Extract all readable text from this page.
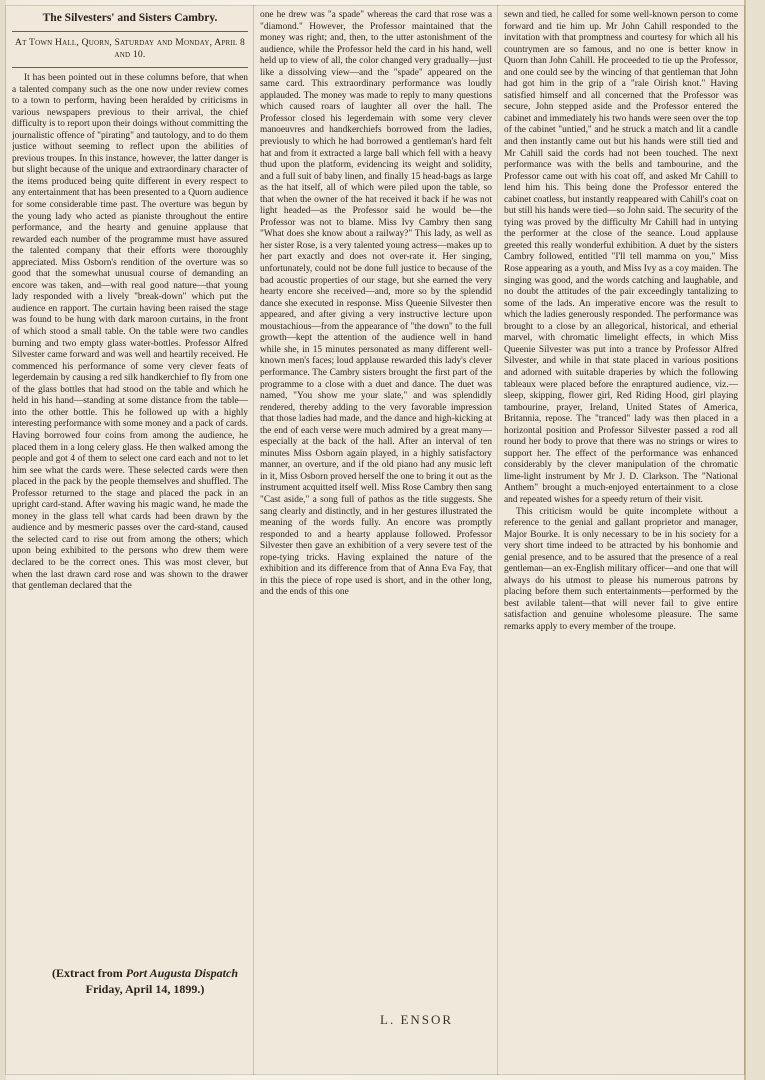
The Silvesters' and Sisters Cambry.
At Town Hall, Quorn, Saturday and Monday, April 8 and 10.

It has been pointed out in these columns before, that when a talented company such as the one now under review comes to a town to perform, having been heralded by criticisms in various newspapers previous to their arrival, the chief difficulty is to report upon their doings without committing the journalistic offence of "pirating" and tautology, and to do them justice without seeming to reflect upon the abilities of previous troupes. In this instance, however, the latter danger is but slight because of the unique and extraordinary character of the items produced being quite different in every respect to any entertainment that has been presented to a Quorn audience for some considerable time past. The overture was begun by the young lady who acted as pianiste throughout the entire performance, and the hearty and genuine applause that rewarded each number of the programme must have assured the talented company that their efforts were thoroughly appreciated. Miss Osborn's rendition of the overture was so good that the somewhat unusual course of demanding an encore was taken, and—with real good nature—that young lady responded with a lively "break-down" which put the audience en rapport. The curtain having been raised the stage was found to be hung with dark maroon curtains, in the front of which stood a small table. On the table were two candles burning and two empty glass water-bottles. Professor Alfred Silvester came forward and was well and heartily received. He commenced his performance of some very clever feats of legerdemain by causing a red silk handkerchief to fly from one of the glass bottles that had stood on the table and which he held in his hand—standing at some distance from the table—into the other bottle. This he followed up with a highly interesting performance with some money and a pack of cards. Having borrowed four coins from among the audience, he placed them in a long celery glass. He then walked among the people and got 4 of them to select one card each and not to let him see what the cards were. These selected cards were then placed in the pack by the people themselves and shuffled. The Professor returned to the stage and placed the pack in an upright card-stand. After waving his magic wand, he made the money in the glass tell what cards had been drawn by the audience and by mesmeric passes over the card-stand, caused the selected card to rise out from among the others; which upon being exhibited to the persons who drew them were declared to be the correct ones. This was most clever, but when the last drawn card rose and was shown to the drawer that gentleman declared that the

one he drew was "a spade" whereas the card that rose was a "diamond." However, the Professor maintained that the money was right; and, then, to the utter astonishment of the audience, while the Professor held the card in his hand, well held up to view of all, the color changed very gradually—just like a dissolving view—and the "spade" appeared on the same card. This extraordinary performance was loudly applauded. The money was made to reply to many questions which caused roars of laughter all over the hall. The Professor closed his legerdemain with some very clever manoeuvres and handkerchiefs borrowed from the ladies, previously to which he had borrowed a gentleman's hard felt hat and from it extracted a large ball which fell with a heavy thud upon the platform, evidencing its weight and solidity, and a full suit of baby linen, and finally 15 head-bags as large as the hat itself, all of which were piled upon the table, so that when the owner of the hat received it back if he was not light headed—as the Professor said he would be—the Professor was not to blame. Miss Ivy Cambry then sang "What does she know about a railway?" This lady, as well as her sister Rose, is a very talented young actress—makes up to her part exactly and does not over-rate it. Her singing, unfortunately, could not be done full justice to because of the bad acoustic properties of our stage, but she earned the very hearty encore she received—and, more so by the splendid dance she executed in response. Miss Queenie Silvester then appeared, and after giving a very instructive lecture upon moustachious—from the appearance of "the down" to the full growth—kept the attention of the audience well in hand while she, in 15 minutes personated as many different well-known men's faces; loud applause rewarded this lady's clever performance. The Cambry sisters brought the first part of the programme to a close with a duet and dance. The duet was named, "You show me your slate," and was splendidly rendered, thereby adding to the very favorable impression that those ladies had made, and the dance and high-kicking at the end of each verse were much admired by a great many—especially at the back of the hall. After an interval of ten minutes Miss Osborn again played, in a highly satisfactory manner, an overture, and if the old piano had any music left in it, Miss Osborn proved herself the one to bring it out as the instrument acquitted itself well. Miss Rose Cambry then sang "Cast aside," a song full of pathos as the title suggests. She sang clearly and distinctly, and in her gestures illustrated the meaning of the words fully. An encore was promptly responded to and a hearty applause followed. Professor Silvester then gave an exhibition of a very severe test of the rope-tying tricks. Having explained the nature of the exhibition and its difference from that of Anna Eva Fay, that in this the piece of rope used is short, and in the other long, and the ends of this one

sewn and tied, he called for some well-known person to come forward and tie him up. Mr John Cahill responded to the invitation with that promptness and courtesy for which all his countrymen are so famous, and no one is better know in Quorn than John Cahill. He proceeded to tie up the Professor, and one could see by the wincing of that gentleman that John had got him in the grip of a "rale Oirish knot." Having satisfied himself and all concerned that the Professor was secure, John stepped aside and the Professor entered the cabinet and immediately his two hands were seen over the top of the cabinet "untied," and he struck a match and lit a candle and then instantly came out but his hands were still tied and Mr Cahill said the cords had not been touched. The next performance was with the bells and tambourine, and the Professor came out with his coat off, and asked Mr Cahill to lend him his. This being done the Professor entered the cabinet coatless, but instantly reappeared with Cahill's coat on but still his hands were tied—so John said. The security of the tying was proved by the difficulty Mr Cahill had in untying the performer at the close of the seance. Loud applause greeted this really wonderful exhibition. A duet by the sisters Cambry followed, entitled "I'll tell mamma on you," Miss Rose appearing as a youth, and Miss Ivy as a coy maiden. The singing was good, and the words catching and laughable, and no doubt the attitudes of the pair exceedingly tantalizing to some of the lads. An imperative encore was the result to which the ladies generously responded. The performance was brought to a close by an allegorical, historical, and etherial marvel, with chromatic limelight effects, in which Miss Queenie Silvester was put into a trance by Professor Alfred Silvester, and while in that state placed in various positions and adorned with suitable draperies by which the following tableaux were placed before the enraptured audience, viz.—sleep, skipping, flower girl, Red Riding Hood, girl playing tambourine, prayer, Ireland, United States of America, Britannia, repose. The "tranced" lady was then placed in a horizontal position and Professor Silvester passed a rod all round her body to prove that there was no strings or wires to support her. The effect of the performance was enhanced considerably by the clever manipulation of the chromatic lime-light instrument by Mr J. D. Clarkson. The "National Anthem" brought a much-enjoyed entertainment to a close and repeated wishes for a speedy return of their visit.

This criticism would be quite incomplete without a reference to the genial and gallant proprietor and manager, Major Bourke. It is only necessary to be in his society for a very short time indeed to be attracted by his bonhomie and genial presence, and to be assured that the presence of a real gentleman—an ex-English military officer—and one that will always do his utmost to please his numerous patrons by placing before them such entertainments—performed by the best avilable talent—that will never fail to give entire satisfaction and genuine wholesome pleasure. The same remarks apply to every member of the troupe.

(Extract from Port Augusta Dispatch
Friday, April 14, 1899.)
L. ENSOR
